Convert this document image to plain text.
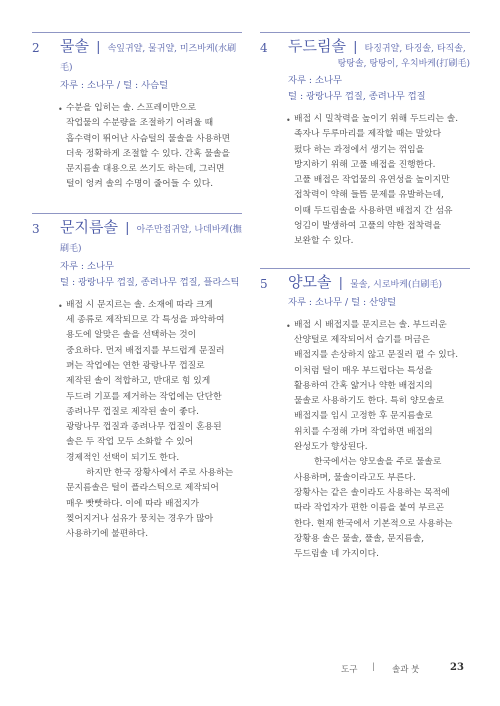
2 물솔 | 속잎귀얄, 물귀얄, 미즈바케(水刷毛)
자루 : 소나무 / 털 : 사슴털
• 수분을 입히는 솔. 스프레이만으로
작업물의 수분량을 조절하기 어려울 때
흡수력이 뛰어난 사슴털의 물솔을 사용하면
더욱 정확하게 조절할 수 있다. 간혹 물솔을
문지름솔 대용으로 쓰기도 하는데, 그러면
털이 엉켜 솔의 수명이 줄어들 수 있다.

3 문지름솔 | 아주만접귀얄, 나데바케(撫刷毛)
자루 : 소나무
털 : 광랑나무 껍질, 종려나무 껍질, 플라스틱
• 배접 시 문지르는 솔. 소재에 따라 크게
세 종류로 제작되므로 각 특성을 파악하여
용도에 알맞은 솔을 선택하는 것이
중요하다. 먼저 배접지를 부드럽게 문질러
펴는 작업에는 연한 광랑나무 껍질로
제작된 솔이 적합하고, 반대로 힘 있게
두드려 기포를 제거하는 작업에는 단단한
종려나무 껍질로 제작된 솔이 좋다.
광랑나무 껍질과 종려나무 껍질이 혼용된
솔은 두 작업 모두 소화할 수 있어
경제적인 선택이 되기도 한다.

하지만 한국 장황사에서 주로 사용하는
문지름솔은 털이 플라스틱으로 제작되어
매우 빳빳하다. 이에 따라 배접지가
찢어지거나 섬유가 뭉치는 경우가 많아
사용하기에 불편하다.

4 두드림솔 | 타징귀얄, 타징솔, 타직솔,
탕탕솔, 탕탕이, 우치바케(打刷毛)
자루 : 소나무
털 : 광랑나무 껍질, 종려나무 껍질
• 배접 시 밀착력을 높이기 위해 두드리는 솔.
족자나 두루마리를 제작할 때는 말았다
펐다 하는 과정에서 생기는 꺾임을
방지하기 위해 고풀 배접을 진행한다.
고풀 배접은 작업물의 유연성을 높이지만
접착력이 약해 들뜸 문제를 유발하는데,
이때 두드림솔을 사용하면 배접지 간 섬유
엉김이 발생하여 고풀의 약한 접착력을
보완할 수 있다.

5 양모솔 | 물솔, 시로바케(白刷毛)
자루 : 소나무 / 털 : 산양털
• 배접 시 배접지를 문지르는 솔. 부드러운
산양털로 제작되어서 습기를 머금은
배접지를 손상하지 않고 문질러 펼 수 있다.
이처럼 털이 매우 부드럽다는 특성을
활용하여 간혹 얇거나 약한 배접지의
물솔로 사용하기도 한다. 특히 양모솔로
배접지를 임시 고정한 후 문지름솔로
위치를 수정해 가며 작업하면 배접의
완성도가 향상된다.

한국에서는 양모솔을 주로 물솔로
사용하며, 물솔이라고도 부른다.
장황사는 같은 솔이라도 사용하는 목적에
따라 작업자가 편한 이름을 붙여 부르곤
한다. 현재 한국에서 기본적으로 사용하는
장황용 솔은 물솔, 풀솔, 문지름솔,
두드림솔 네 가지이다.

도구 | 솔과 붓	23
